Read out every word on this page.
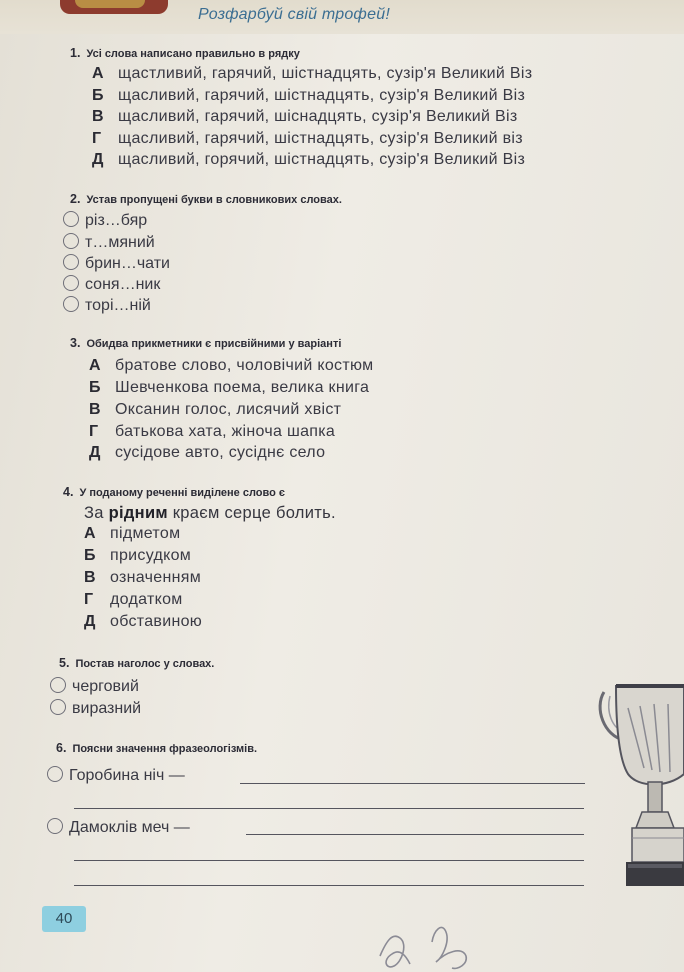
Розфарбуй свій трофей!
1. Усі слова написано правильно в рядку
А щастливий, гарячий, шістнадцять, сузір'я Великий Віз
Б щасливий, гарячий, шістнадцять, сузір'я Великий Віз
В щасливий, гарячий, шіснадцять, сузір'я Великий Віз
Г щасливий, гарячий, шістнадцять, сузір'я Великий віз
Д щасливий, горячий, шістнадцять, сузір'я Великий Віз
2. Устав пропущені букви в словникових словах.
різ…бяр
т…мяний
брин…чати
соня…ник
торі…ній
3. Обидва прикметники є присвійними у варіанті
А братове слово, чоловічий костюм
Б Шевченкова поема, велика книга
В Оксанин голос, лисячий хвіст
Г батькова хата, жіноча шапка
Д сусідове авто, сусіднє село
4. У поданому реченні виділене слово є
За рідним краєм серце болить.
А підметом
Б присудком
В означенням
Г додатком
Д обставиною
5. Постав наголос у словах.
черговий
виразний
6. Поясни значення фразеологізмів.
Горобина ніч —
Дамоклів меч —
40
